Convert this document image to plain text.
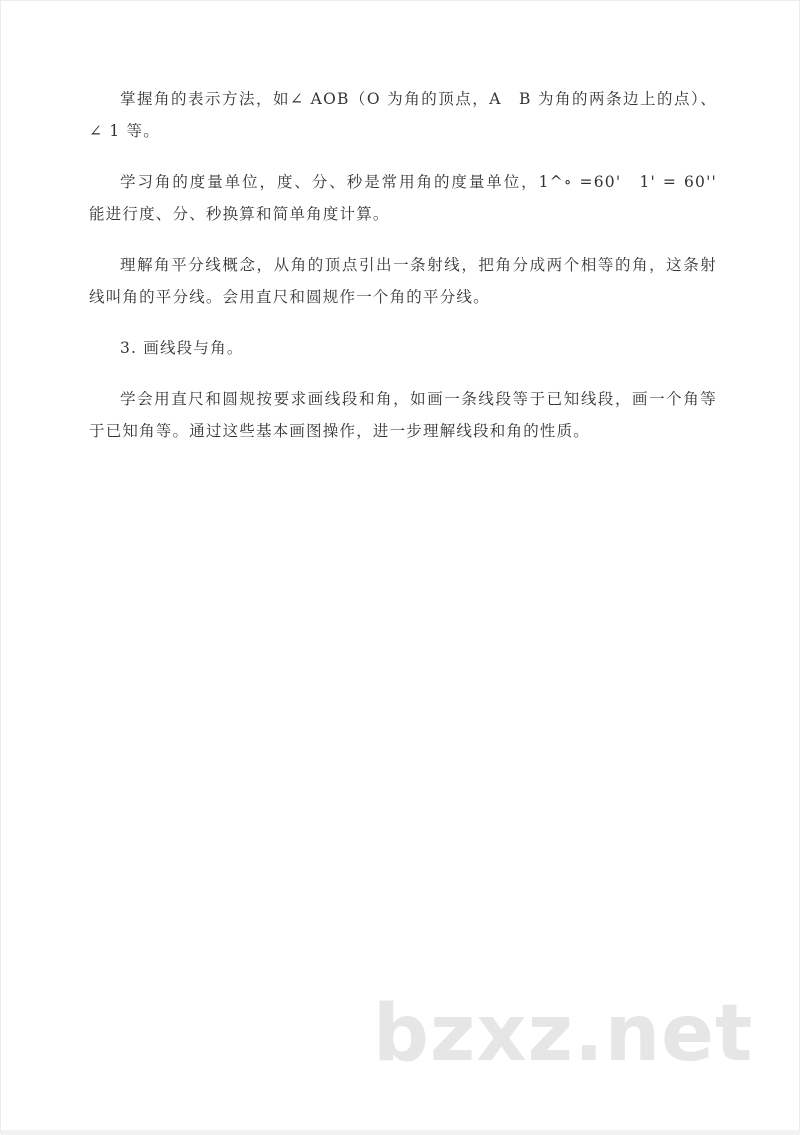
掌握角的表示方法，如∠ AOB（O 为角的顶点，A　B 为角的两条边上的点）、∠ 1 等。

学习角的度量单位，度、分、秒是常用角的度量单位，1^∘ =60'　1' = 60'' 能进行度、分、秒换算和简单角度计算。

理解角平分线概念，从角的顶点引出一条射线，把角分成两个相等的角，这条射线叫角的平分线。会用直尺和圆规作一个角的平分线。

3. 画线段与角。

学会用直尺和圆规按要求画线段和角，如画一条线段等于已知线段，画一个角等于已知角等。通过这些基本画图操作，进一步理解线段和角的性质。

bzxz.net
